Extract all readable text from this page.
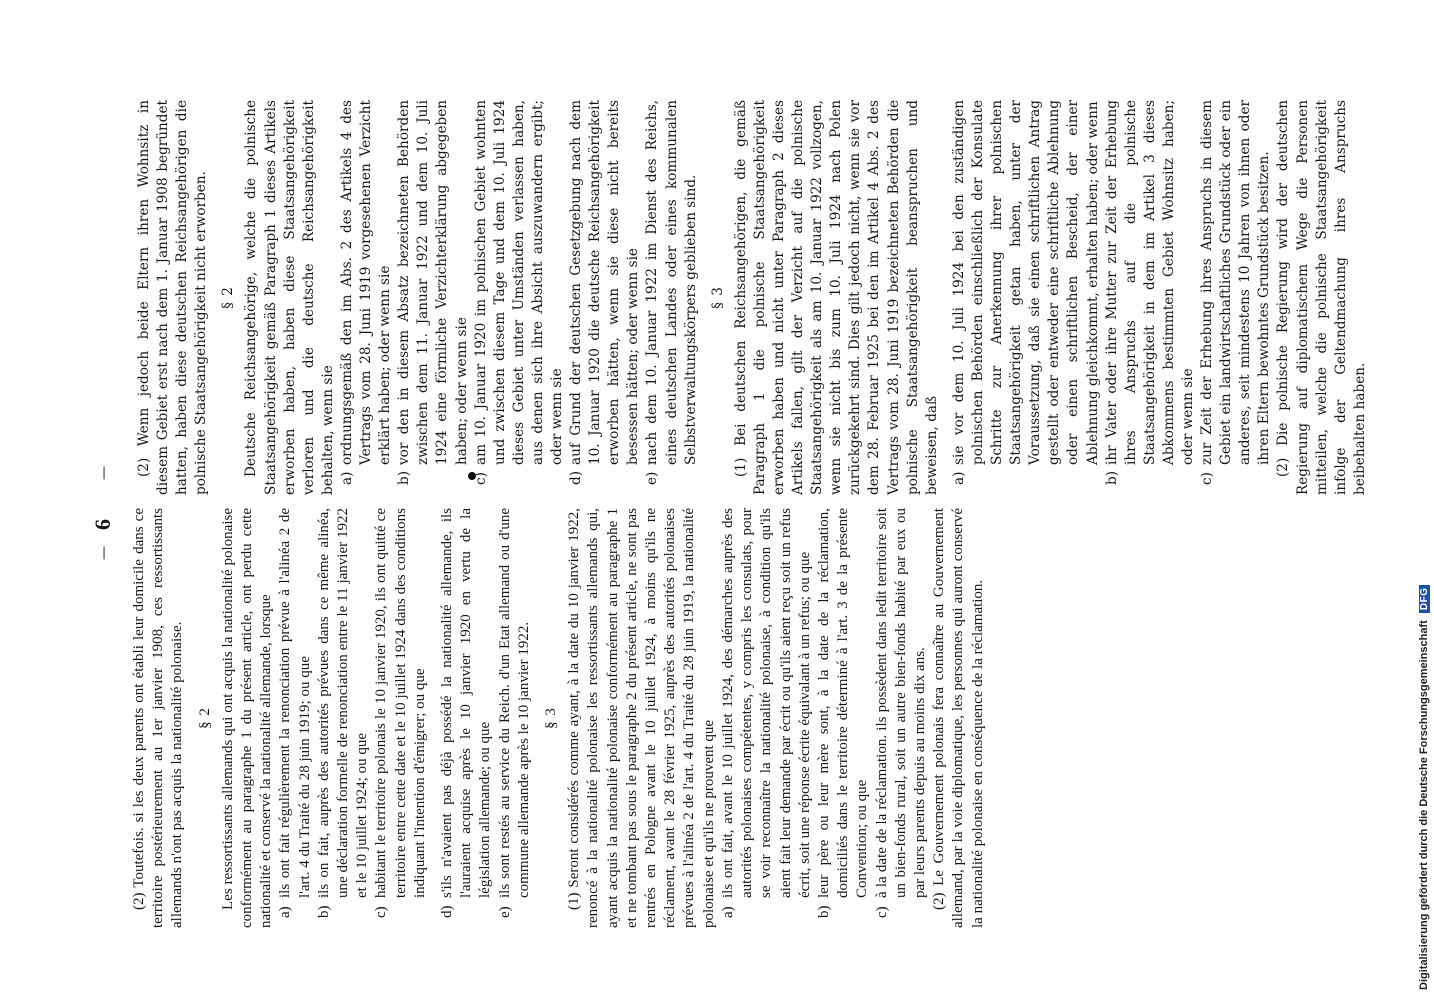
—
6
—

(2) Toutefois. si les deux parents ont établi leur domicile dans ce territoire postérieurement au 1er janvier 1908, ces ressortissants allemands n'ont pas acquis la nationalité polonaise. § 2 Les ressortissants allemands qui ont acquis la nationalité polonaise conformément au paragraphe 1 du présent article, ont perdu cette nationalité et conservé la nationalité allemande, lorsque a)
ils ont fait régulièrement la renonciation prévue à l'alinéa 2 de l'art. 4 du Traité du 28 juin 1919; ou que
b)
ils on fait, auprès des autorités prévues dans ce même alinéa, une déclaration formelle de renonciation entre le 11 janvier 1922 et le 10 juillet 1924; ou que
c)
habitant le territoire polonais le 10 janvier 1920, ils ont quitté ce territoire entre cette date et le 10 juillet 1924 dans des conditions indiquant l'intention d'émigrer; ou que
d)
s'ils n'avaient pas déjà possédé la nationalité allemande, ils l'auraient acquise après le 10 janvier 1920 en vertu de la législation allemande; ou que
e)
ils sont restés au service du Reich. d'un Etat allemand ou d'une commune allemande après le 10 janvier 1922. § 3 (1) Seront considérés comme ayant, à la date du 10 janvier 1922, renoncé à la nationalité polonaise les ressortissants allemands qui, ayant acquis la nationalité polonaise conformément au paragraphe 1 et ne tombant pas sous le paragraphe 2 du présent article, ne sont pas rentrés en Pologne avant le 10 juillet 1924, à moins qu'ils ne réclament, avant le 28 février 1925, auprès des autorités polonaises prévues à l'alinéa 2 de l'art. 4 du Traité du 28 juin 1919, la nationalité polonaise et qu'ils ne prouvent que a)
ils ont fait, avant le 10 juillet 1924, des démarches auprès des autorités polonaises compétentes, y compris les consulats, pour se voir reconnaître la nationalité polonaise, à condition qu'ils aient fait leur demande par écrit ou qu'ils aient reçu soit un refus écrit, soit une réponse écrite équivalant à un refus; ou que
b)
leur père ou leur mère sont, à la date de la réclamation, domiciliés dans le territoire déterminé à l'art. 3 de la présente Convention; ou que
c)
à la date de la réclamation. ils possèdent dans ledit territoire soit un bien-fonds rural, soit un autre bien-fonds habité par eux ou par leurs parents depuis au moins dix ans. (2) Le Gouvernement polonais fera connaître au Gouvernement allemand, par la voie diplomatique, les personnes qui auront conservé la nationalité polonaise en conséquence de la réclamation.

(2) Wenn jedoch beide Eltern ihren Wohnsitz in diesem Gebiet erst nach dem 1. Januar 1908 begründet hatten, haben diese deutschen Reichsangehörigen die polnische Staatsangehörigkeit nicht erworben. § 2 Deutsche Reichsangehörige, welche die polnische Staatsangehörigkeit gemäß Paragraph 1 dieses Artikels erworben haben, haben diese Staatsangehörigkeit verloren und die deutsche Reichsangehörigkeit behalten, wenn sie a)
ordnungsgemäß den im Abs. 2 des Artikels 4 des Vertrags vom 28. Juni 1919 vorgesehenen Verzicht erklärt haben; oder wenn sie
b)
vor den in diesem Absatz bezeichneten Behörden zwischen dem 11. Januar 1922 und dem 10. Juli 1924 eine förmliche Verzichterklärung abgegeben haben; oder wenn sie
c)
am 10. Januar 1920 im polnischen Gebiet wohnten und zwischen diesem Tage und dem 10. Juli 1924 dieses Gebiet unter Umständen verlassen haben, aus denen sich ihre Absicht auszuwandern ergibt; oder wenn sie
d)
auf Grund der deutschen Gesetzgebung nach dem 10. Januar 1920 die deutsche Reichsangehörigkeit erworben hätten, wenn sie diese nicht bereits besessen hätten; oder wenn sie
e)
nach dem 10. Januar 1922 im Dienst des Reichs, eines deutschen Landes oder eines kommunalen Selbstverwaltungskörpers geblieben sind. § 3 (1) Bei deutschen Reichsangehörigen, die gemäß Paragraph 1 die polnische Staatsangehörigkeit erworben haben und nicht unter Paragraph 2 dieses Artikels fallen, gilt der Verzicht auf die polnische Staatsangehörigkeit als am 10. Januar 1922 vollzogen, wenn sie nicht bis zum 10. Juli 1924 nach Polen zurückgekehrt sind. Dies gilt jedoch nicht, wenn sie vor dem 28. Februar 1925 bei den im Artikel 4 Abs. 2 des Vertrags vom 28. Juni 1919 bezeichneten Behörden die polnische Staatsangehörigkeit beanspruchen und beweisen, daß a)
sie vor dem 10. Juli 1924 bei den zuständigen polnischen Behörden einschließlich der Konsulate Schritte zur Anerkennung ihrer polnischen Staatsangehörigkeit getan haben, unter der Voraussetzung, daß sie einen schriftlichen Antrag gestellt oder entweder eine schriftliche Ablehnung oder einen schriftlichen Bescheid, der einer Ablehnung gleichkommt, erhalten haben; oder wenn
b)
ihr Vater oder ihre Mutter zur Zeit der Erhebung ihres Anspruchs auf die polnische Staatsangehörigkeit in dem im Artikel 3 dieses Abkommens bestimmten Gebiet Wohnsitz haben; oder wenn sie
c)
zur Zeit der Erhebung ihres Anspruchs in diesem Gebiet ein landwirtschaftliches Grundstück oder ein anderes, seit mindestens 10 Jahren von ihnen oder ihren Eltern bewohntes Grundstück besitzen. (2) Die polnische Regierung wird der deutschen Regierung auf diplomatischem Wege die Personen mitteilen, welche die polnische Staatsangehörigkeit infolge der Geltendmachung ihres Anspruchs beibehalten haben.

Digitalisierung gefördert durch die Deutsche Forschungsgemeinschaft DFG
